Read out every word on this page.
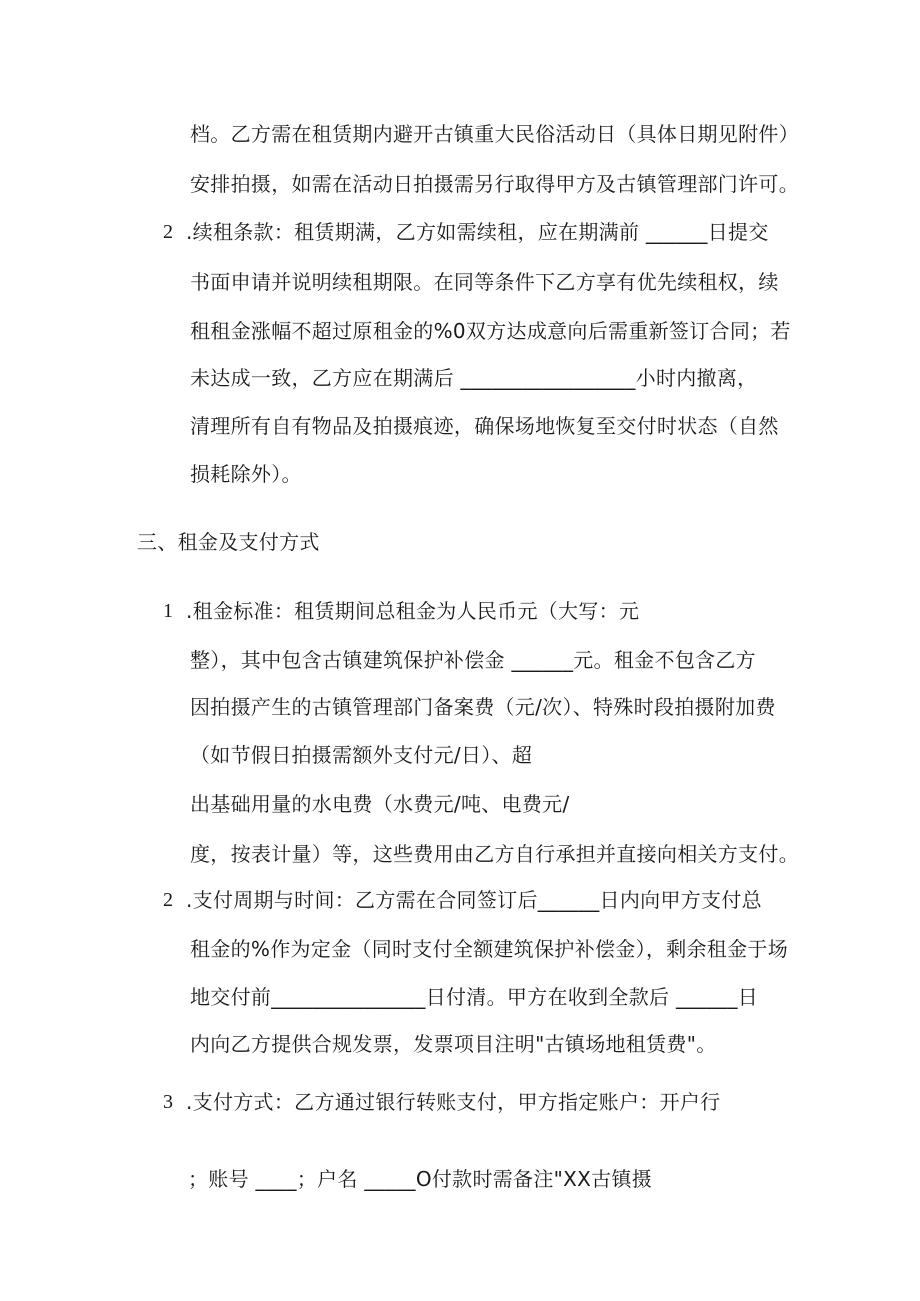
档。乙方需在租赁期内避开古镇重大民俗活动日（具体日期见附件）
安排拍摄，如需在活动日拍摄需另行取得甲方及古镇管理部门许可。
2 .续租条款：租赁期满，乙方如需续租，应在期满前 ______日提交
书面申请并说明续租期限。在同等条件下乙方享有优先续租权，续
租租金涨幅不超过原租金的%0双方达成意向后需重新签订合同；若
未达成一致，乙方应在期满后 _________________小时内撤离，
清理所有自有物品及拍摄痕迹，确保场地恢复至交付时状态（自然
损耗除外）。
三、租金及支付方式
1 .租金标准：租赁期间总租金为人民币元（大写：元
整），其中包含古镇建筑保护补偿金 ______元。租金不包含乙方
因拍摄产生的古镇管理部门备案费（元/次）、特殊时段拍摄附加费
（如节假日拍摄需额外支付元/日）、超
出基础用量的水电费（水费元/吨、电费元/
度，按表计量）等，这些费用由乙方自行承担并直接向相关方支付。
2 .支付周期与时间：乙方需在合同签订后______日内向甲方支付总
租金的%作为定金（同时支付全额建筑保护补偿金），剩余租金于场
地交付前_______________日付清。甲方在收到全款后 ______日
内向乙方提供合规发票，发票项目注明"古镇场地租赁费"。
3 .支付方式：乙方通过银行转账支付，甲方指定账户：开户行
；账号 ____；户名 _____O付款时需备注"XX古镇摄
